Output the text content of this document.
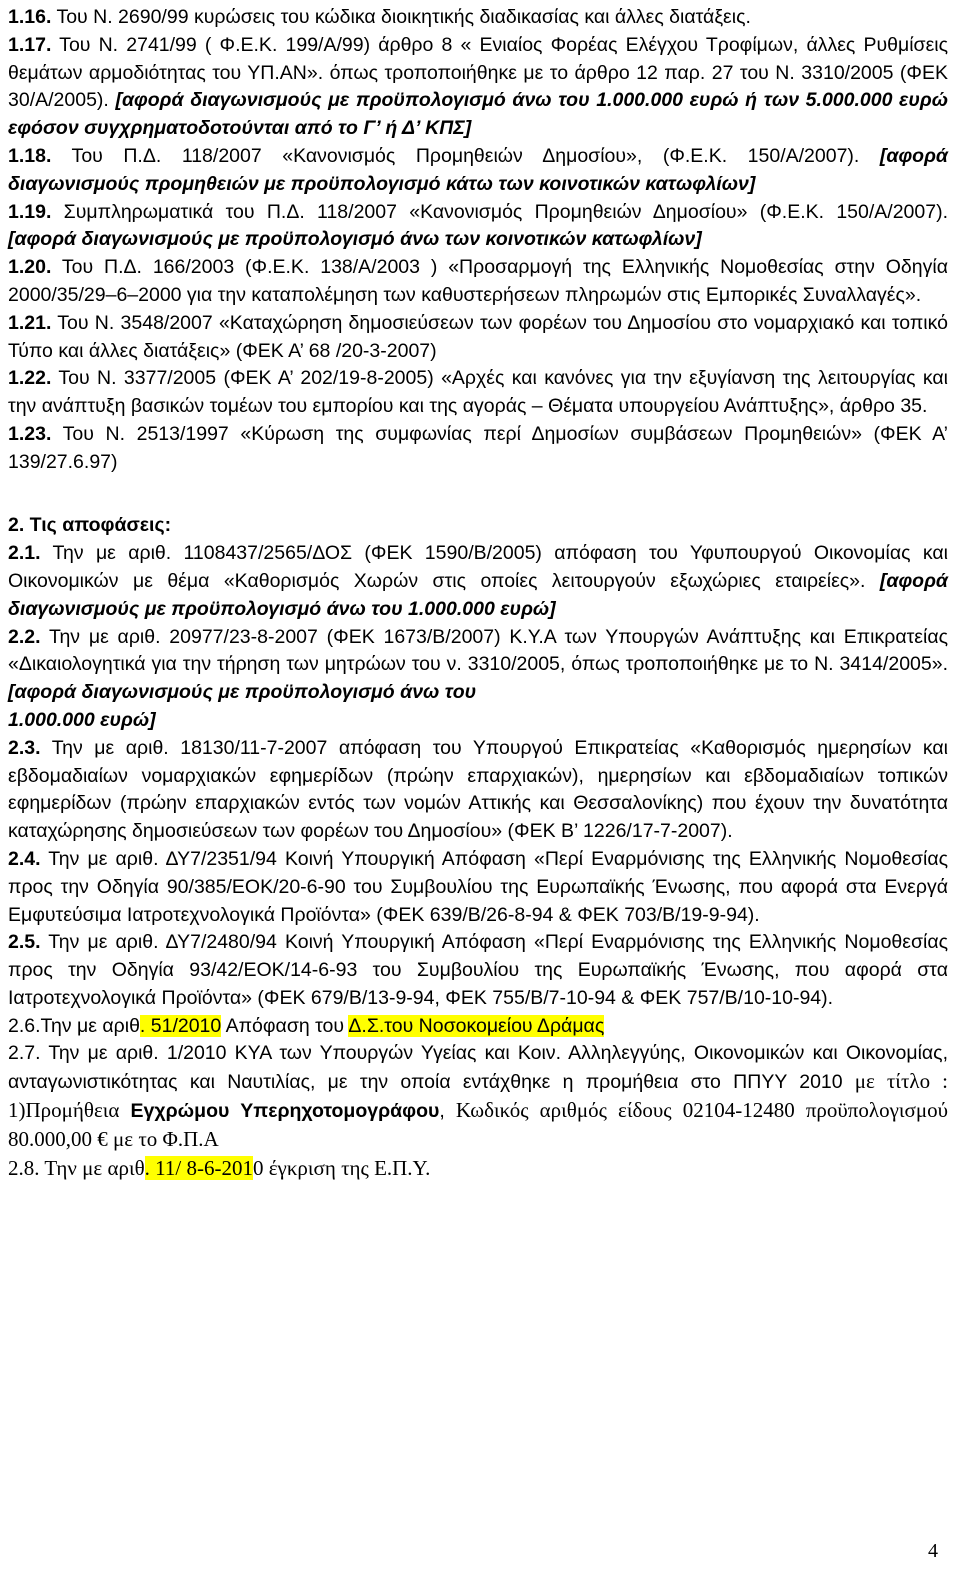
1.16. Του Ν. 2690/99 κυρώσεις του κώδικα διοικητικής διαδικασίας και άλλες διατάξεις.

1.17. Του Ν. 2741/99 ( Φ.Ε.Κ. 199/Α/99) άρθρο 8 « Ενιαίος Φορέας Ελέγχου Τροφίμων, άλλες Ρυθμίσεις θεμάτων αρμοδιότητας του ΥΠ.ΑΝ». όπως τροποποιήθηκε με το άρθρο 12 παρ. 27 του Ν. 3310/2005 (ΦΕΚ 30/Α/2005). [αφορά διαγωνισμούς με προϋπολογισμό άνω του 1.000.000 ευρώ ή των 5.000.000 ευρώ εφόσον συγχρηματοδοτούνται από το Γ’ ή Δ’ ΚΠΣ]

1.18. Του Π.Δ. 118/2007 «Κανονισμός Προμηθειών Δημοσίου», (Φ.Ε.Κ. 150/Α/2007). [αφορά διαγωνισμούς προμηθειών με προϋπολογισμό κάτω των κοινοτικών κατωφλίων]

1.19. Συμπληρωματικά του Π.Δ. 118/2007 «Κανονισμός Προμηθειών Δημοσίου» (Φ.Ε.Κ. 150/Α/2007). [αφορά διαγωνισμούς με προϋπολογισμό άνω των κοινοτικών κατωφλίων]

1.20. Του Π.Δ. 166/2003 (Φ.Ε.Κ. 138/Α/2003 ) «Προσαρμογή της Ελληνικής Νομοθεσίας στην Οδηγία 2000/35/29–6–2000 για την καταπολέμηση των καθυστερήσεων πληρωμών στις Εμπορικές Συναλλαγές».

1.21. Του Ν. 3548/2007 «Καταχώρηση δημοσιεύσεων των φορέων του Δημοσίου στο νομαρχιακό και τοπικό Τύπο και άλλες διατάξεις» (ΦΕΚ Α’ 68 /20-3-2007)

1.22. Του Ν. 3377/2005 (ΦΕΚ Α’ 202/19-8-2005) «Αρχές και κανόνες για την εξυγίανση της λειτουργίας και την ανάπτυξη βασικών τομέων του εμπορίου και της αγοράς – Θέματα υπουργείου Ανάπτυξης», άρθρο 35.

1.23. Του Ν. 2513/1997 «Κύρωση της συμφωνίας περί Δημοσίων συμβάσεων Προμηθειών» (ΦΕΚ Α’ 139/27.6.97)

2. Τις αποφάσεις:

2.1. Την με αριθ. 1108437/2565/ΔΟΣ (ΦΕΚ 1590/Β/2005) απόφαση του Υφυπουργού Οικονομίας και Οικονομικών με θέμα «Καθορισμός Χωρών στις οποίες λειτουργούν εξωχώριες εταιρείες». [αφορά διαγωνισμούς με προϋπολογισμό άνω του 1.000.000 ευρώ]

2.2. Την με αριθ. 20977/23-8-2007 (ΦΕΚ 1673/Β/2007) Κ.Υ.Α των Υπουργών Ανάπτυξης και Επικρατείας «Δικαιολογητικά για την τήρηση των μητρώων του ν. 3310/2005, όπως τροποποιήθηκε με το Ν. 3414/2005». [αφορά διαγωνισμούς με προϋπολογισμό άνω του
1.000.000 ευρώ]

2.3. Την με αριθ. 18130/11-7-2007 απόφαση του Υπουργού Επικρατείας «Καθορισμός ημερησίων και εβδομαδιαίων νομαρχιακών εφημερίδων (πρώην επαρχιακών), ημερησίων και εβδομαδιαίων τοπικών εφημερίδων (πρώην επαρχιακών εντός των νομών Αττικής και Θεσσαλονίκης) που έχουν την δυνατότητα καταχώρησης δημοσιεύσεων των φορέων του Δημοσίου» (ΦΕΚ Β’ 1226/17-7-2007).

2.4. Την με αριθ. ΔΥ7/2351/94 Κοινή Υπουργική Απόφαση «Περί Εναρμόνισης της Ελληνικής Νομοθεσίας προς την Οδηγία 90/385/ΕΟΚ/20-6-90 του Συμβουλίου της Ευρωπαϊκής Ένωσης, που αφορά στα Ενεργά Εμφυτεύσιμα Ιατροτεχνολογικά Προϊόντα» (ΦΕΚ 639/Β/26-8-94 & ΦΕΚ 703/Β/19-9-94).

2.5. Την με αριθ. ΔΥ7/2480/94 Κοινή Υπουργική Απόφαση «Περί Εναρμόνισης της Ελληνικής Νομοθεσίας προς την Οδηγία 93/42/ΕΟΚ/14-6-93 του Συμβουλίου της Ευρωπαϊκής Ένωσης, που αφορά στα Ιατροτεχνολογικά Προϊόντα» (ΦΕΚ 679/Β/13-9-94, ΦΕΚ 755/Β/7-10-94 & ΦΕΚ 757/Β/10-10-94).

2.6.Την με αριθ. 51/2010 Απόφαση του Δ.Σ.του Νοσοκομείου Δράμας

2.7. Την με αριθ. 1/2010 ΚΥΑ των Υπουργών Υγείας και Κοιν. Αλληλεγγύης, Οικονομικών και Οικονομίας, ανταγωνιστικότητας και Ναυτιλίας, με την οποία εντάχθηκε η προμήθεια στο ΠΠΥΥ 2010 με τίτλο : 1)Προμήθεια Εγχρώμου Υπερηχοτομογράφου, Κωδικός αριθμός είδους 02104-12480 προϋπολογισμού 80.000,00 € με το Φ.Π.Α

2.8. Την με αριθ. 11/ 8-6-2010 έγκριση της Ε.Π.Υ.

4
